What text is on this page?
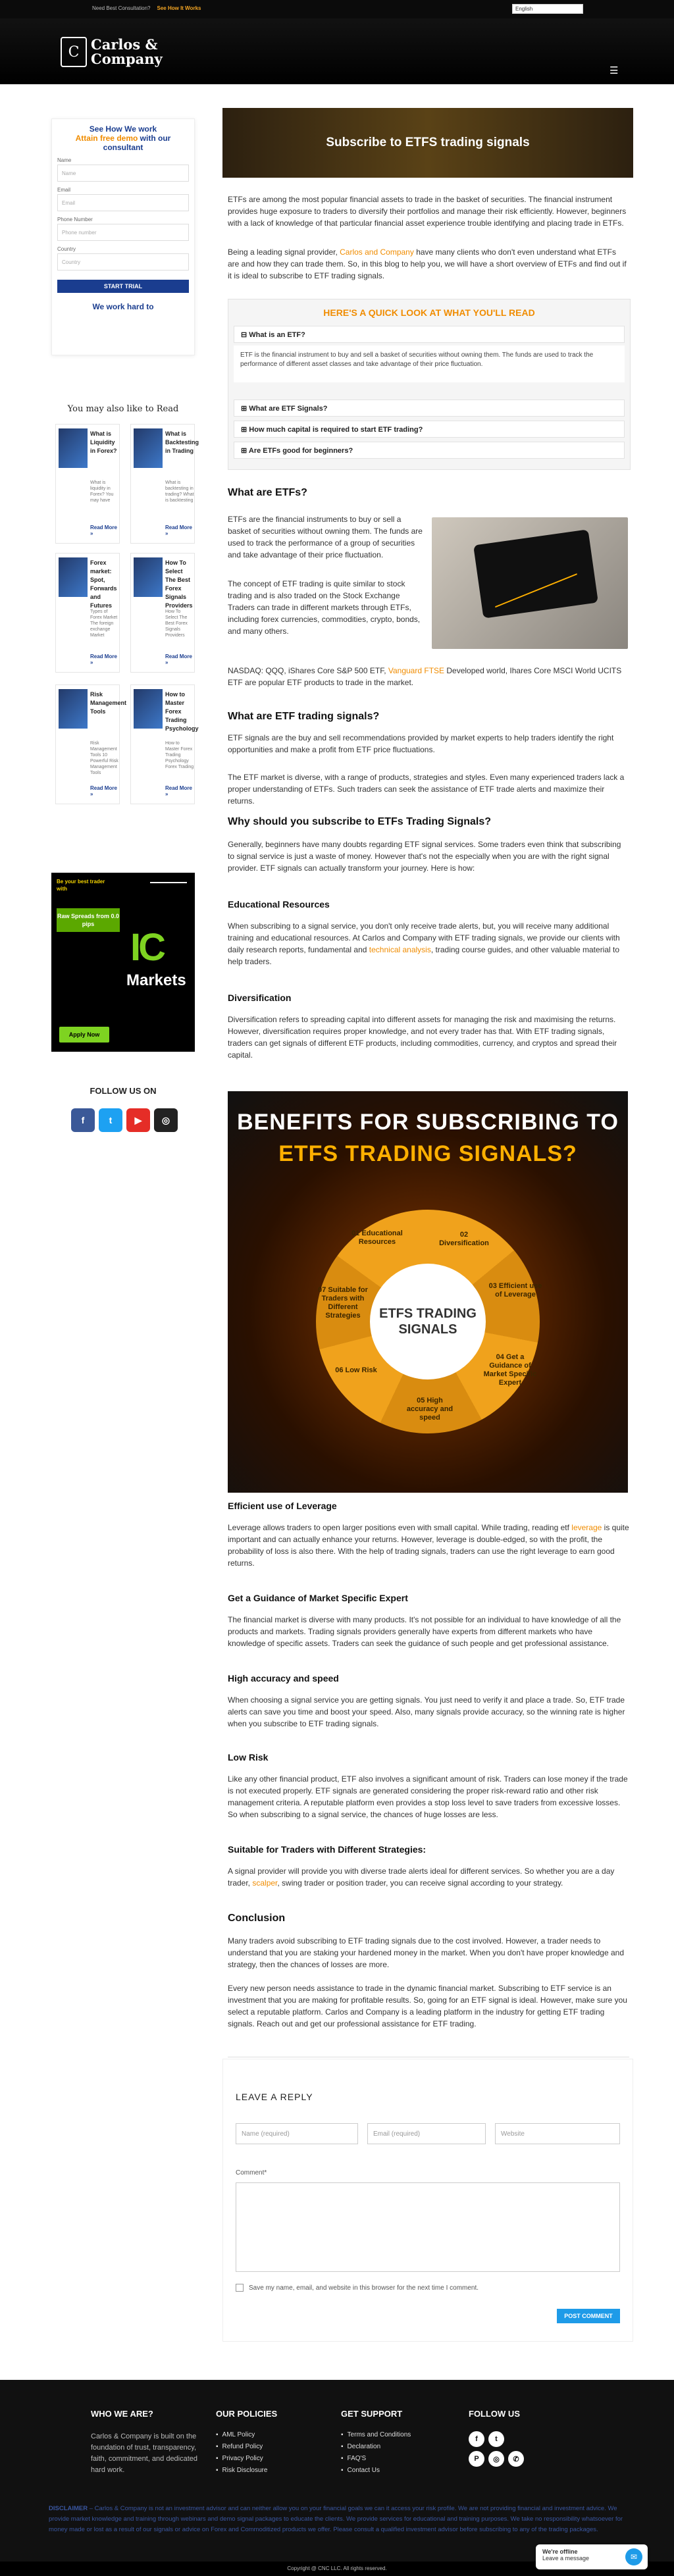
Need Best Consultation? See How It Works	English
C Carlos &
Company
☰
See How We work
Attain free demo with our consultant
Name
Name
Email
Email
Phone Number
Phone number
Country
Country
START TRIAL
We work hard to
You may also like to Read
What is Liquidity in Forex?
What is liquidity in Forex? You may have
Read More »
What is Backtesting in Trading
What is backtesting in trading? What is backtesting
Read More »
Forex market: Spot, Forwards and Futures
Types of Forex Market The foreign exchange Market
Read More »
How To Select The Best Forex Signals Providers
How To Select The Best Forex Signals Providers
Read More »
Risk Management Tools
Risk Management Tools 10 Powerful Risk Management Tools
Read More »
How to Master Forex Trading Psychology
How to Master Forex Trading Psychology Forex Trading
Read More »
Be your best trader with
Raw Spreads from 0.0 pips
IC
Markets
Apply Now
FOLLOW US ON
f	t	▶	◎
Subscribe to ETFS trading signals
ETFs are among the most popular financial assets to trade in the basket of securities. The financial instrument provides huge exposure to traders to diversify their portfolios and manage their risk efficiently. However, beginners with a lack of knowledge of that particular financial asset experience trouble identifying and placing trade in ETFs.
Being a leading signal provider, Carlos and Company have many clients who don't even understand what ETFs are and how they can trade them. So, in this blog to help you, we will have a short overview of ETFs and find out if it is ideal to subscribe to ETF trading signals.
HERE'S A QUICK LOOK AT WHAT YOU'LL READ
⊟ What is an ETF?
ETF is the financial instrument to buy and sell a basket of securities without owning them. The funds are used to track the performance of different asset classes and take advantage of their price fluctuation.
⊞ What are ETF Signals?
⊞ How much capital is required to start ETF trading?
⊞ Are ETFs good for beginners?
What are ETFs?
ETFs are the financial instruments to buy or sell a basket of securities without owning them. The funds are used to track the performance of a group of securities and take advantage of their price fluctuation.
The concept of ETF trading is quite similar to stock trading and is also traded on the Stock Exchange Traders can trade in different markets through ETFs, including forex currencies, commodities, crypto, bonds, and many others.
NASDAQ: QQQ, iShares Core S&P 500 ETF, Vanguard FTSE Developed world, Ihares Core MSCI World UCITS ETF are popular ETF products to trade in the market.
What are ETF trading signals?
ETF signals are the buy and sell recommendations provided by market experts to help traders identify the right opportunities and make a profit from ETF price fluctuations.
The ETF market is diverse, with a range of products, strategies and styles. Even many experienced traders lack a proper understanding of ETFs. Such traders can seek the assistance of ETF trade alerts and maximize their returns.
Why should you subscribe to ETFs Trading Signals?
Generally, beginners have many doubts regarding ETF signal services. Some traders even think that subscribing to signal service is just a waste of money. However that's not the especially when you are with the right signal provider. ETF signals can actually transform your journey. Here is how:
Educational Resources
When subscribing to a signal service, you don't only receive trade alerts, but, you will receive many additional training and educational resources. At Carlos and Company with ETF trading signals, we provide our clients with daily research reports, fundamental and technical analysis, trading course guides, and other valuable material to help traders.
Diversification
Diversification refers to spreading capital into different assets for managing the risk and maximising the returns. However, diversification requires proper knowledge, and not every trader has that. With ETF trading signals, traders can get signals of different ETF products, including commodities, currency, and cryptos and spread their capital.
BENEFITS FOR SUBSCRIBING TO
ETFS TRADING SIGNALS?
ETFS TRADING SIGNALS
01 Educational Resources
02 Diversification
03 Efficient use of Leverage
04 Get a Guidance of Market Specific Expert
05 High accuracy and speed
06 Low Risk
07 Suitable for Traders with Different Strategies
Efficient use of Leverage
Leverage allows traders to open larger positions even with small capital. While trading, reading etf leverage is quite important and can actually enhance your returns. However, leverage is double-edged, so with the profit, the probability of loss is also there. With the help of trading signals, traders can use the right leverage to earn good returns.
Get a Guidance of Market Specific Expert
The financial market is diverse with many products. It's not possible for an individual to have knowledge of all the products and markets. Trading signals providers generally have experts from different markets who have knowledge of specific assets. Traders can seek the guidance of such people and get professional assistance.
High accuracy and speed
When choosing a signal service you are getting signals. You just need to verify it and place a trade. So, ETF trade alerts can save you time and boost your speed. Also, many signals provide accuracy, so the winning rate is higher when you subscribe to ETF trading signals.
Low Risk
Like any other financial product, ETF also involves a significant amount of risk. Traders can lose money if the trade is not executed properly. ETF signals are generated considering the proper risk-reward ratio and other risk management criteria. A reputable platform even provides a stop loss level to save traders from excessive losses. So when subscribing to a signal service, the chances of huge losses are less.
Suitable for Traders with Different Strategies:
A signal provider will provide you with diverse trade alerts ideal for different services. So whether you are a day trader, scalper, swing trader or position trader, you can receive signal according to your strategy.
Conclusion
Many traders avoid subscribing to ETF trading signals due to the cost involved. However, a trader needs to understand that you are staking your hardened money in the market. When you don't have proper knowledge and strategy, then the chances of losses are more.
Every new person needs assistance to trade in the dynamic financial market. Subscribing to ETF service is an investment that you are making for profitable results. So, going for an ETF signal is ideal. However, make sure you select a reputable platform. Carlos and Company is a leading platform in the industry for getting ETF trading signals. Reach out and get our professional assistance for ETF trading.
LEAVE A REPLY
Name (required)	Email (required)	Website
Comment*
Save my name, email, and website in this browser for the next time I comment.
POST COMMENT
WHO WE ARE?
Carlos & Company is built on the foundation of trust, transparency, faith, commitment, and dedicated hard work.
OUR POLICIES
▪ AML Policy
▪ Refund Policy
▪ Privacy Policy
▪ Risk Disclosure
GET SUPPORT
▪ Terms and Conditions
▪ Declaration
▪ FAQ'S
▪ Contact Us
FOLLOW US
f	t
P	◎	✆
DISCLAIMER – Carlos & Company is not an investment advisor and can neither allow you on your financial goals we can it access your risk profile. We are not providing financial and investment advice. We provide market knowledge and training through webinars and demo signal packages to educate the clients. We provide services for educational and training purposes. We take no responsibility whatsoever for money made or lost as a result of our signals or advice on Forex and Commoditized products we offer. Please consult a qualified investment advisor before subscribing to any of the trading packages.
Copyright @ CNC LLC. All rights reserved.
We're offline
Leave a message	✉
